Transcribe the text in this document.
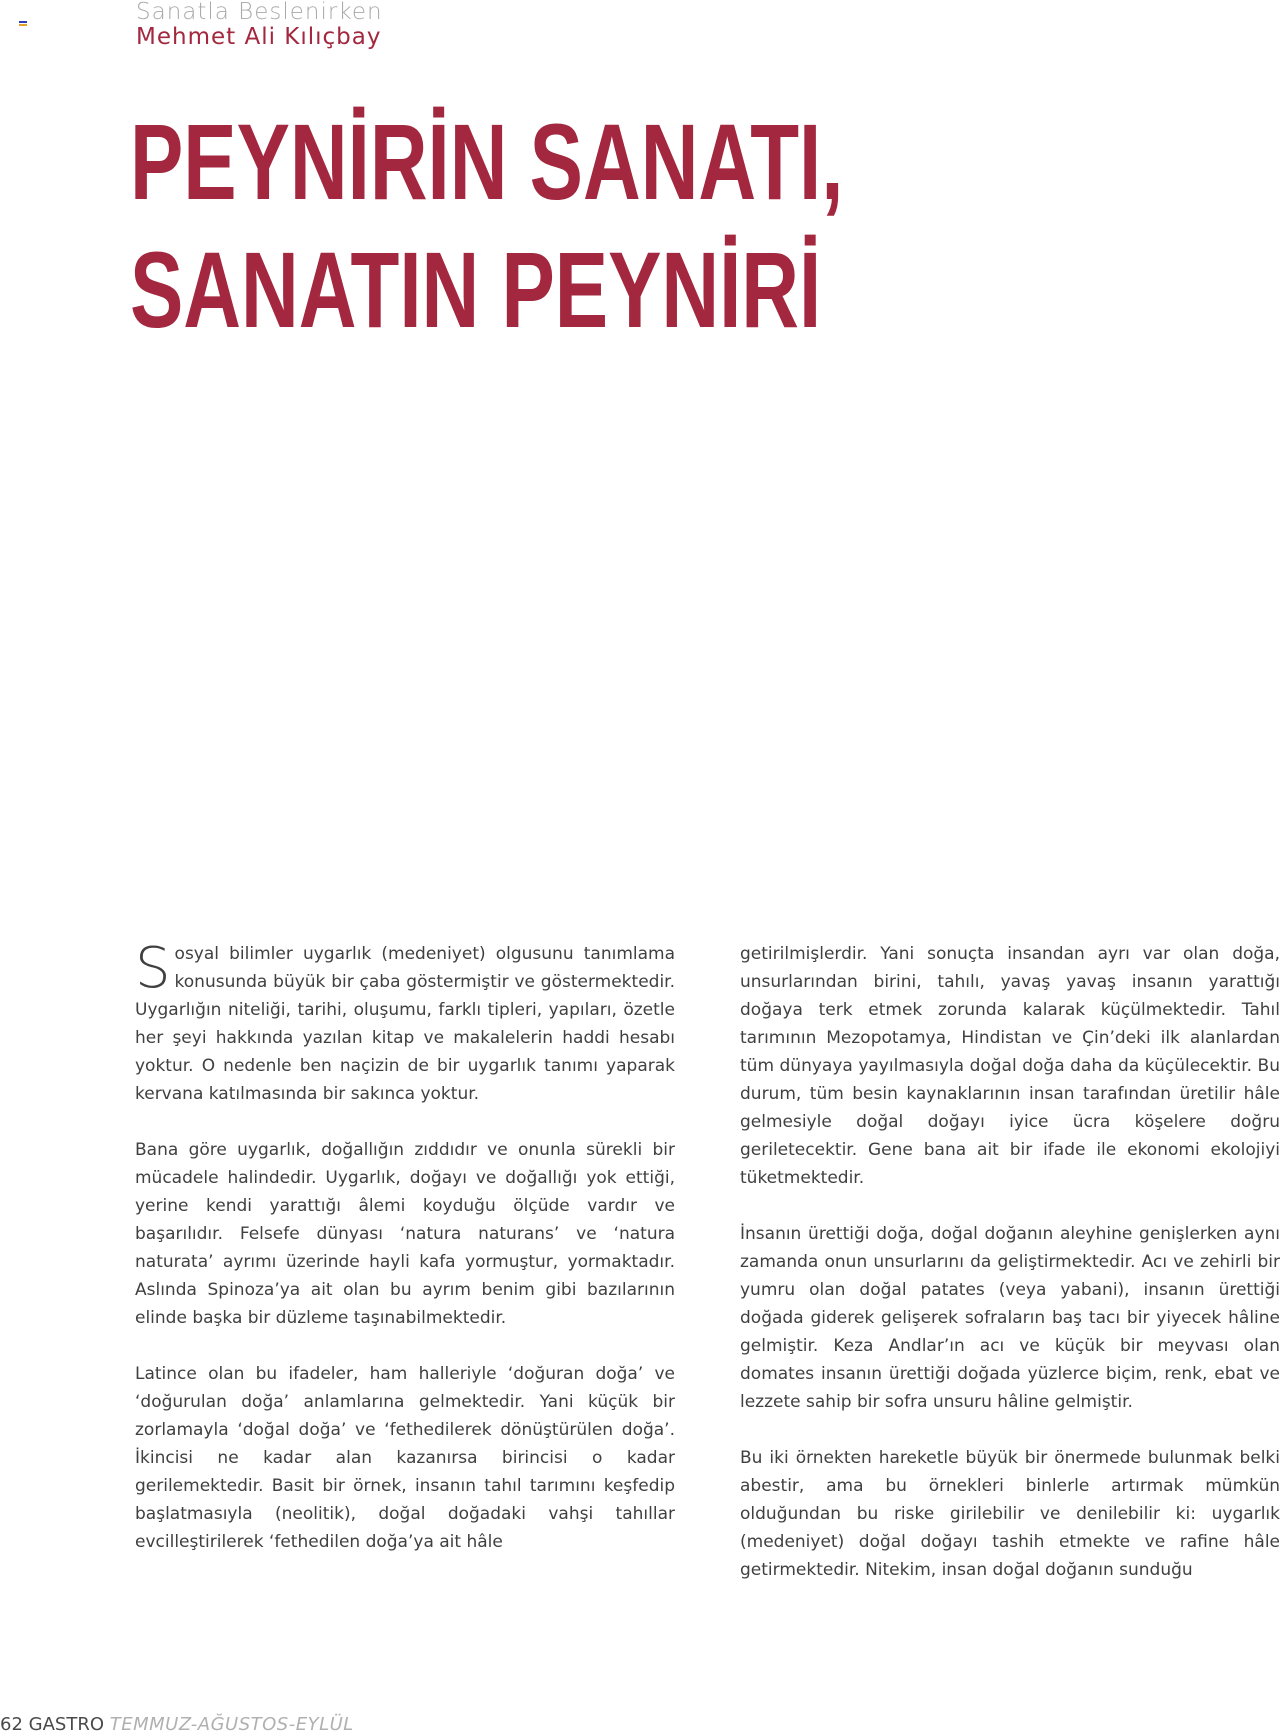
Sanatla Beslenirken
Mehmet Ali Kılıçbay
PEYNİRİN SANATI,
SANATIN PEYNİRİ

Sosyal bilimler uygarlık (medeniyet) olgusunu tanımlama konusunda büyük bir çaba göstermiştir ve göstermektedir. Uygarlığın niteliği, tarihi, oluşumu, farklı tipleri, yapıları, özetle her şeyi hakkında yazılan kitap ve makalelerin haddi hesabı yoktur. O nedenle ben naçizin de bir uygarlık tanımı yaparak kervana katılmasında bir sakınca yoktur.

Bana göre uygarlık, doğallığın zıddıdır ve onunla sürekli bir mücadele halindedir. Uygarlık, doğayı ve doğallığı yok ettiği, yerine kendi yarattığı âlemi koyduğu ölçüde vardır ve başarılıdır. Felsefe dünyası ‘natura naturans’ ve ‘natura naturata’ ayrımı üzerinde hayli kafa yormuştur, yormaktadır. Aslında Spinoza’ya ait olan bu ayrım benim gibi bazılarının elinde başka bir düzleme taşınabilmektedir.

Latince olan bu ifadeler, ham halleriyle ‘doğuran doğa’ ve ‘doğurulan doğa’ anlamlarına gelmektedir. Yani küçük bir zorlamayla ‘doğal doğa’ ve ‘fethedilerek dönüştürülen doğa’. İkincisi ne kadar alan kazanırsa birincisi o kadar gerilemektedir. Basit bir örnek, insanın tahıl tarımını keşfedip başlatmasıyla (neolitik), doğal doğadaki vahşi tahıllar evcilleştirilerek ‘fethedilen doğa’ya ait hâle

getirilmişlerdir. Yani sonuçta insandan ayrı var olan doğa, unsurlarından birini, tahılı, yavaş yavaş insanın yarattığı doğaya terk etmek zorunda kalarak küçülmektedir. Tahıl tarımının Mezopotamya, Hindistan ve Çin’deki ilk alanlardan tüm dünyaya yayılmasıyla doğal doğa daha da küçülecektir. Bu durum, tüm besin kaynaklarının insan tarafından üretilir hâle gelmesiyle doğal doğayı iyice ücra köşelere doğru geriletecektir. Gene bana ait bir ifade ile ekonomi ekolojiyi tüketmektedir.

İnsanın ürettiği doğa, doğal doğanın aleyhine genişlerken aynı zamanda onun unsurlarını da geliştirmektedir. Acı ve zehirli bir yumru olan doğal patates (veya yabani), insanın ürettiği doğada giderek gelişerek sofraların baş tacı bir yiyecek hâline gelmiştir. Keza Andlar’ın acı ve küçük bir meyvası olan domates insanın ürettiği doğada yüzlerce biçim, renk, ebat ve lezzete sahip bir sofra unsuru hâline gelmiştir.

Bu iki örnekten hareketle büyük bir önermede bulunmak belki abestir, ama bu örnekleri binlerle artırmak mümkün olduğundan bu riske girilebilir ve denilebilir ki: uygarlık (medeniyet) doğal doğayı tashih etmekte ve rafine hâle getirmektedir. Nitekim, insan doğal doğanın sunduğu

62 GASTRO TEMMUZ-AĞUSTOS-EYLÜL
